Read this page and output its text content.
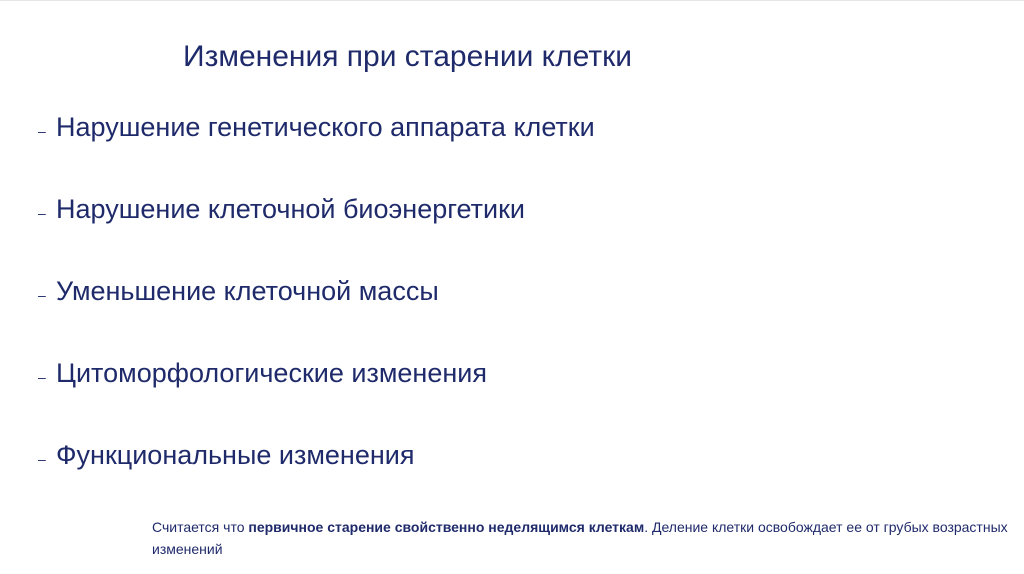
Изменения при старении клетки
– Нарушение генетического аппарата клетки
– Нарушение клеточной биоэнергетики
– Уменьшение клеточной массы
– Цитоморфологические изменения
– Функциональные изменения
Считается что первичное старение свойственно неделящимся клеткам. Деление клетки освобождает ее от грубых возрастных изменений
